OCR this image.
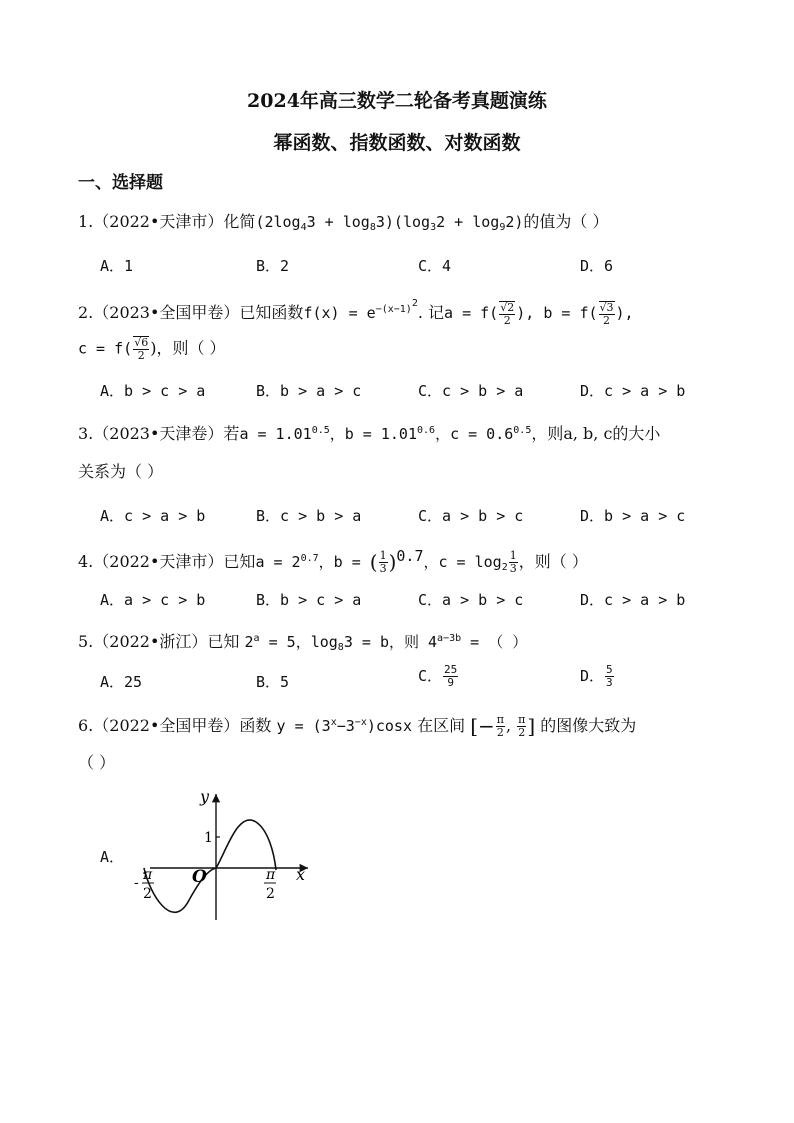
2024年高三数学二轮备考真题演练
幂函数、指数函数、对数函数
一、选择题
1.（2022•天津市）化简$(2\log_43 + \log_83)(\log_32 + \log_92)$的值为（ ）
A．1	B．2	C．4	D．6
2.（2023•全国甲卷）已知函数$f(x) = e^{-(x-1)^2}$. 记$a = f( \frac{√2}{2}$ ), $b = f( \frac{√3}{2}$ ),
$c = f( \frac{√6}{2}$ )，则（ ）
A．b > c > a	B．b > a > c	C．c > b > a	D．c > a > b
3.（2023•天津卷）若$a = 1.01^{0.5}$，$b = 1.01^{0.6}$，$c = 0.6^{0.5}$，则a, b, c的大小
关系为（ ）
A．c > a > b	B．c > b > a	C．a > b > c	D．b > a > c
4.（2022•天津市）已知$a = 2^{0.7}$，b = ( $\frac{1}{3} )^{0.7}$，$c = \log_2 \frac{1}{3}$ ，则（ ）
A．a > c > b	B．b > c > a	C．a > b > c	D．c > a > b
5.（2022•浙江）已知 $2^a = 5$，$\log_83 = b$，则 $4^{a-3b}$ = （ ）
A．25	B．5	C． $\frac{25}{9}$	D． $\frac{5}{3}$
6.（2022•全国甲卷）函数 $y = (3^x-3^{-x})\cos x$ 在区间 [− $\frac{\pi}{2}$ , $\frac{\pi}{2}$ ] 的图像大致为
（ ）
A．
y
x
1
O
- π
2
π
2
